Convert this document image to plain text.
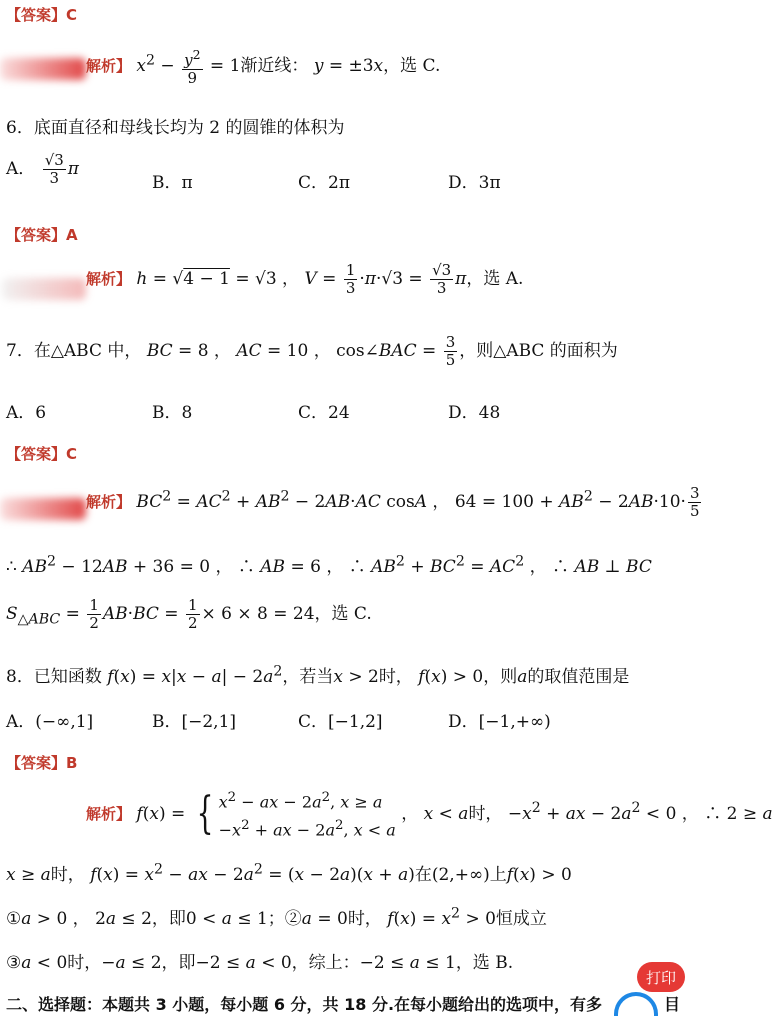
【答案】C
解析】 $x^2 - \frac{y^2}{9} = 1$渐近线： y = ±3x，选 C.
6．底面直径和母线长均为 2 的圆锥的体积为
A． $\frac{√3}{3}$ π
B．π	C．2π	D．3π
【答案】A
解析】 h = √4 − 1 = √3 ， $V = \frac{1}{3} \cdot\pi\cdot√3 = \frac{√3}{3}$ π，选 A.
7．在△ABC 中， BC = 8 ， AC = 10 ， cos∠BAC = $\frac{3}{5}$ ，则△ABC 的面积为
A．6	B．8	C．24	D．48
【答案】C
解析】 $BC^2 = AC^2 + AB^2 - 2AB\cdot AC$ cosA ， $64 = 100 + AB^2 - 2AB\cdot 10\cdot \frac{3}{5}$
∴ $AB^2 - 12AB + 36 = 0$ ， ∴ AB = 6 ， ∴ $AB^2 + BC^2 = AC^2$ ， ∴ AB ⊥ BC
$S_{\triangle ABC} = \frac{1}{2} AB\cdot BC = \frac{1}{2} \times 6 \times 8 = 24$，选 C.
8．已知函数 $f(x) = x|x - a| - 2a^2$，若当x > 2时， f(x) > 0，则a的取值范围是
A．(−∞,1]	B．[−2,1]	C．[−1,2]	D．[−1,+∞)
【答案】B
解析】 f(x) = { $x^2$ − ax − $2a^2$, x ≥ a
$-x^2$ + ax − $2a^2$, x < a ， x < a时， $-x^2$ + ax − $2a^2 < 0$ ， ∴ 2 ≥ a
x ≥ a时， $f(x) = x^2$ − ax − $2a^2 = (x - 2a)(x + a)$在(2,+∞)上f(x) > 0
①a > 0 ， 2a ≤ 2，即0 < a ≤ 1；②a = 0时， $f(x) = x^2 > 0$恒成立
③a < 0时，−a ≤ 2，即−2 ≤ a < 0，综上：−2 ≤ a ≤ 1，选 B.
二、选择题：本题共 3 小题，每小题 6 分，共 18 分.在每小题给出的选项中，有多
打印
目
